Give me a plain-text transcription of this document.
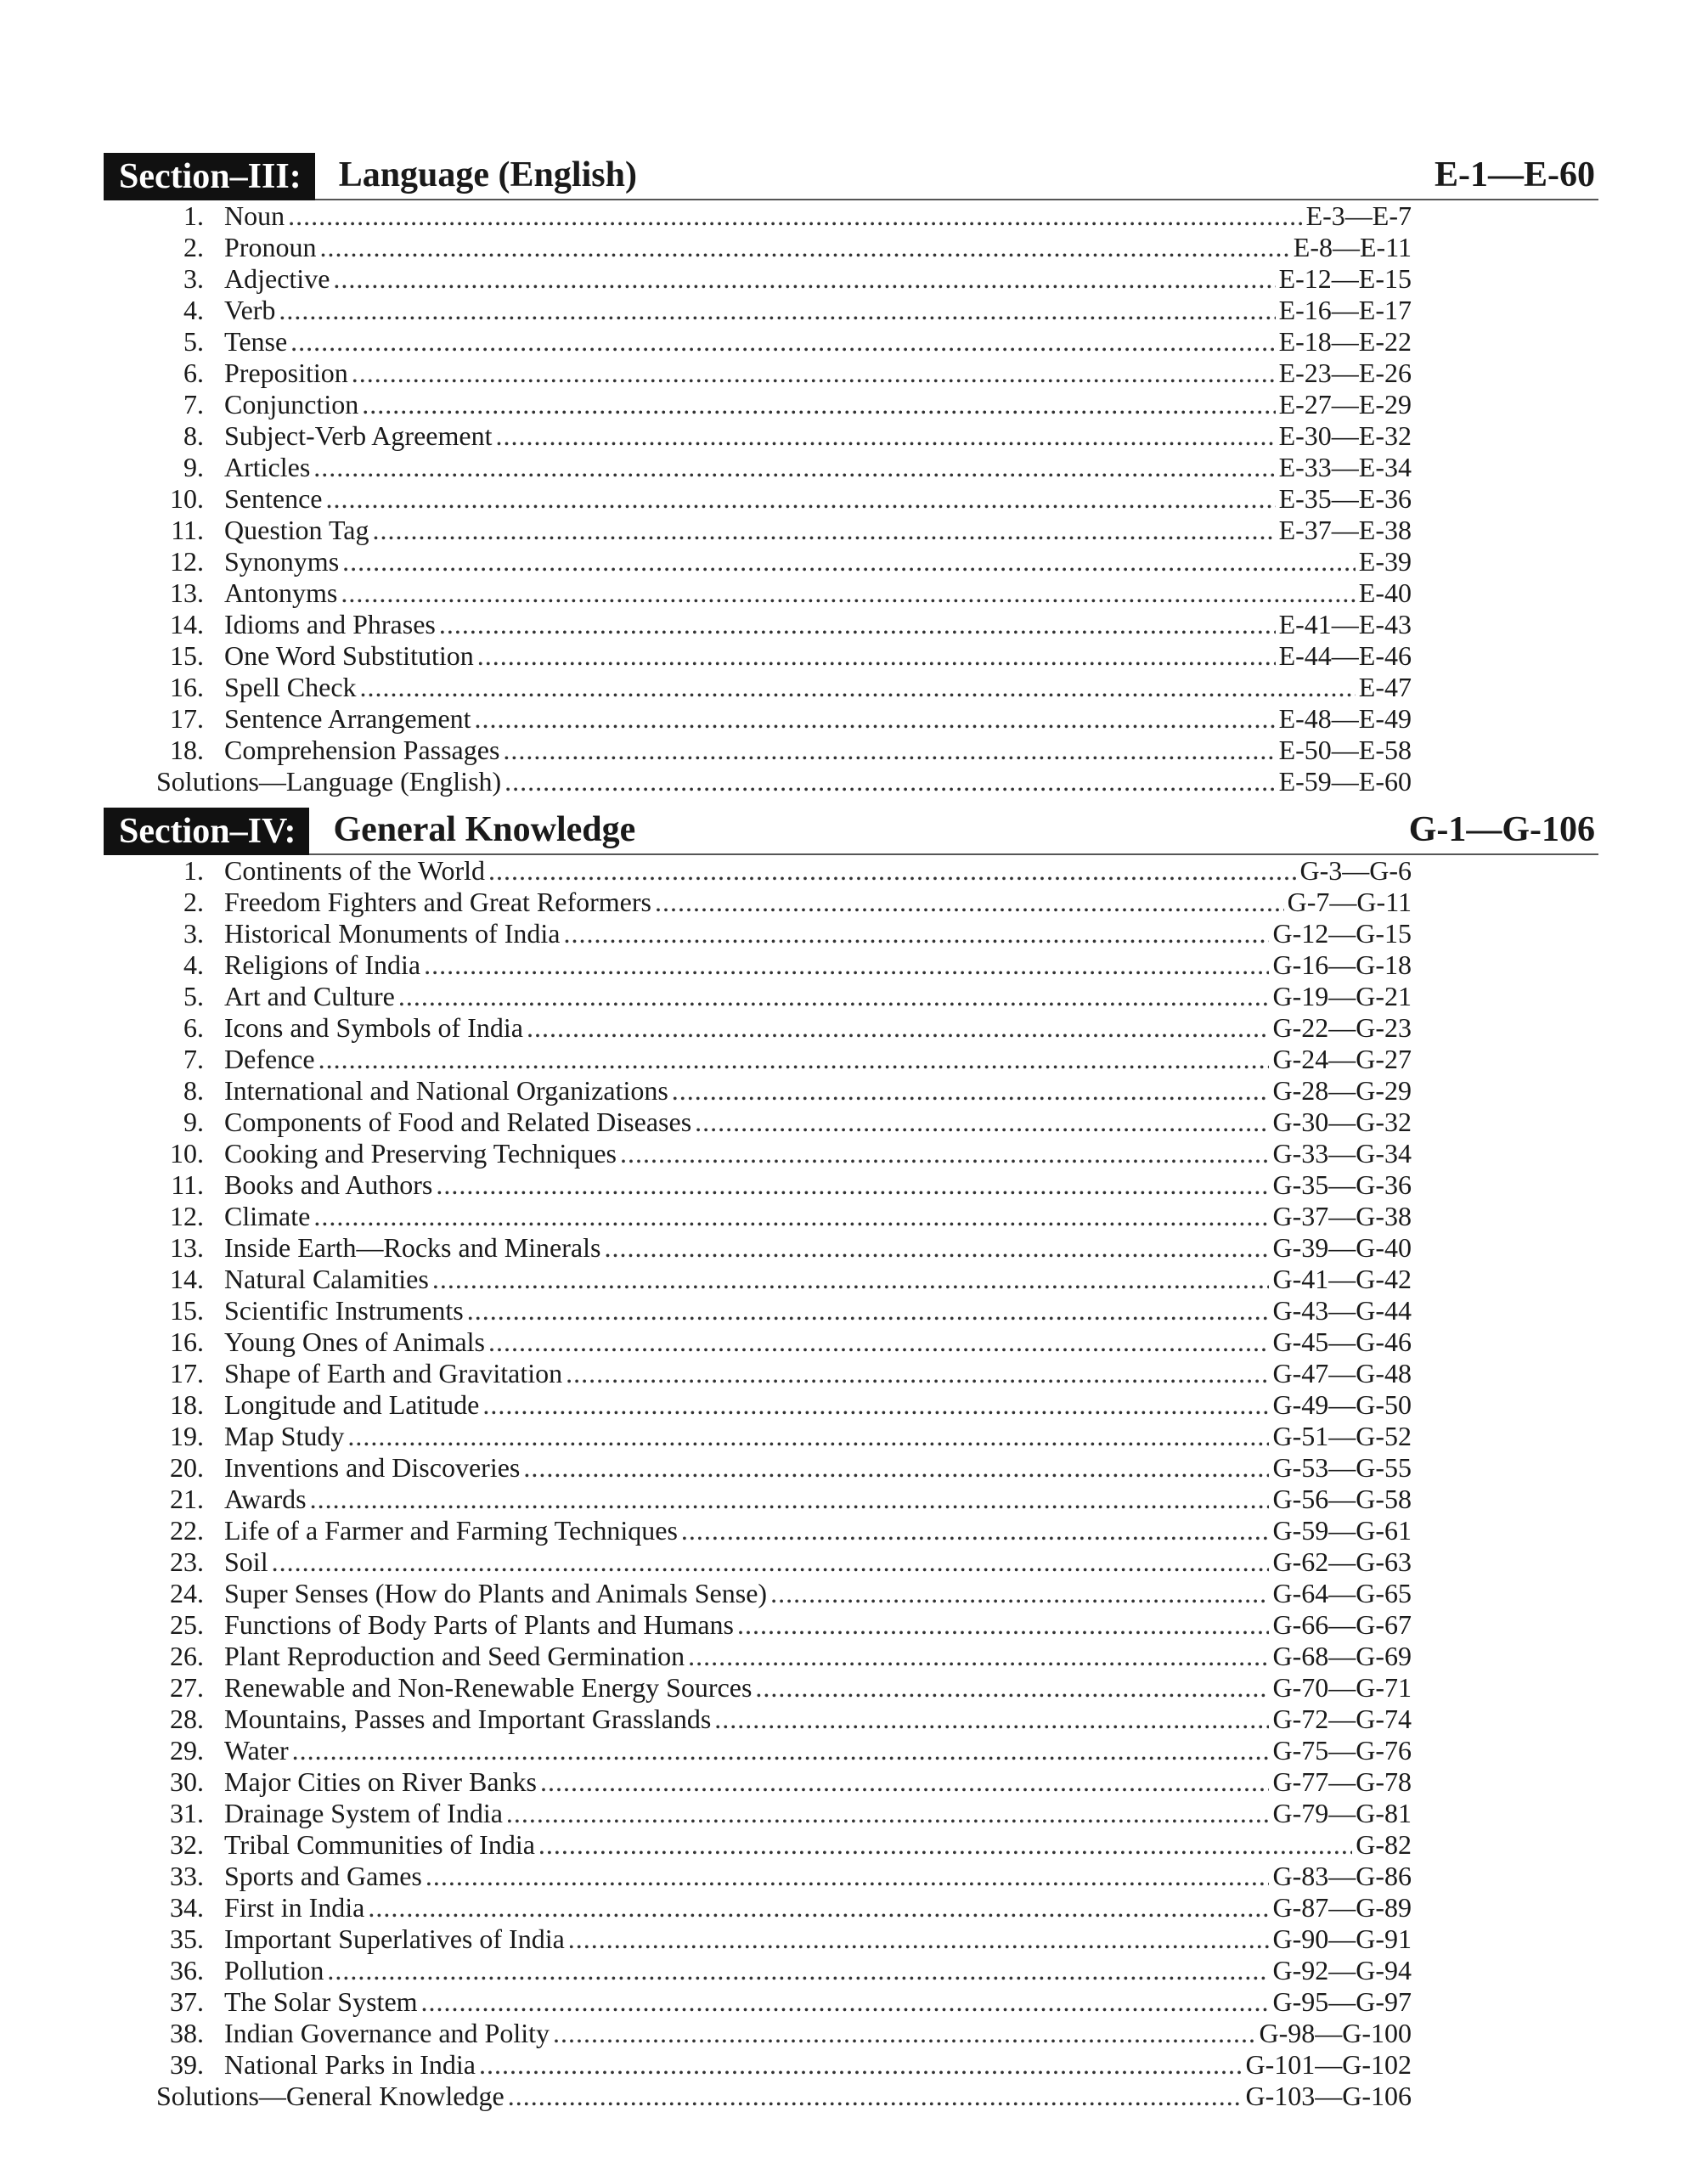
Section–III:	Language (English)	E-1—E-60
1. Noun .....	E-3—E-7
2. Pronoun .....	E-8—E-11
3. Adjective .....	E-12—E-15
4. Verb .....	E-16—E-17
5. Tense .....	E-18—E-22
6. Preposition .....	E-23—E-26
7. Conjunction .....	E-27—E-29
8. Subject-Verb Agreement .....	E-30—E-32
9. Articles .....	E-33—E-34
10. Sentence .....	E-35—E-36
11. Question Tag .....	E-37—E-38
12. Synonyms .....	E-39
13. Antonyms .....	E-40
14. Idioms and Phrases .....	E-41—E-43
15. One Word Substitution .....	E-44—E-46
16. Spell Check .....	E-47
17. Sentence Arrangement .....	E-48—E-49
18. Comprehension Passages .....	E-50—E-58
Solutions—Language (English) .....	E-59—E-60
Section–IV:	General Knowledge	G-1—G-106
1. Continents of the World .....	G-3—G-6
2. Freedom Fighters and Great Reformers .....	G-7—G-11
3. Historical Monuments of India .....	G-12—G-15
4. Religions of India .....	G-16—G-18
5. Art and Culture .....	G-19—G-21
6. Icons and Symbols of India .....	G-22—G-23
7. Defence .....	G-24—G-27
8. International and National Organizations .....	G-28—G-29
9. Components of Food and Related Diseases .....	G-30—G-32
10. Cooking and Preserving Techniques .....	G-33—G-34
11. Books and Authors .....	G-35—G-36
12. Climate .....	G-37—G-38
13. Inside Earth—Rocks and Minerals .....	G-39—G-40
14. Natural Calamities .....	G-41—G-42
15. Scientific Instruments .....	G-43—G-44
16. Young Ones of Animals .....	G-45—G-46
17. Shape of Earth and Gravitation .....	G-47—G-48
18. Longitude and Latitude .....	G-49—G-50
19. Map Study .....	G-51—G-52
20. Inventions and Discoveries .....	G-53—G-55
21. Awards .....	G-56—G-58
22. Life of a Farmer and Farming Techniques .....	G-59—G-61
23. Soil .....	G-62—G-63
24. Super Senses (How do Plants and Animals Sense) .....	G-64—G-65
25. Functions of Body Parts of Plants and Humans .....	G-66—G-67
26. Plant Reproduction and Seed Germination .....	G-68—G-69
27. Renewable and Non-Renewable Energy Sources .....	G-70—G-71
28. Mountains, Passes and Important Grasslands .....	G-72—G-74
29. Water .....	G-75—G-76
30. Major Cities on River Banks .....	G-77—G-78
31. Drainage System of India .....	G-79—G-81
32. Tribal Communities of India .....	G-82
33. Sports and Games .....	G-83—G-86
34. First in India .....	G-87—G-89
35. Important Superlatives of India .....	G-90—G-91
36. Pollution .....	G-92—G-94
37. The Solar System .....	G-95—G-97
38. Indian Governance and Polity .....	G-98—G-100
39. National Parks in India .....	G-101—G-102
Solutions—General Knowledge .....	G-103—G-106
